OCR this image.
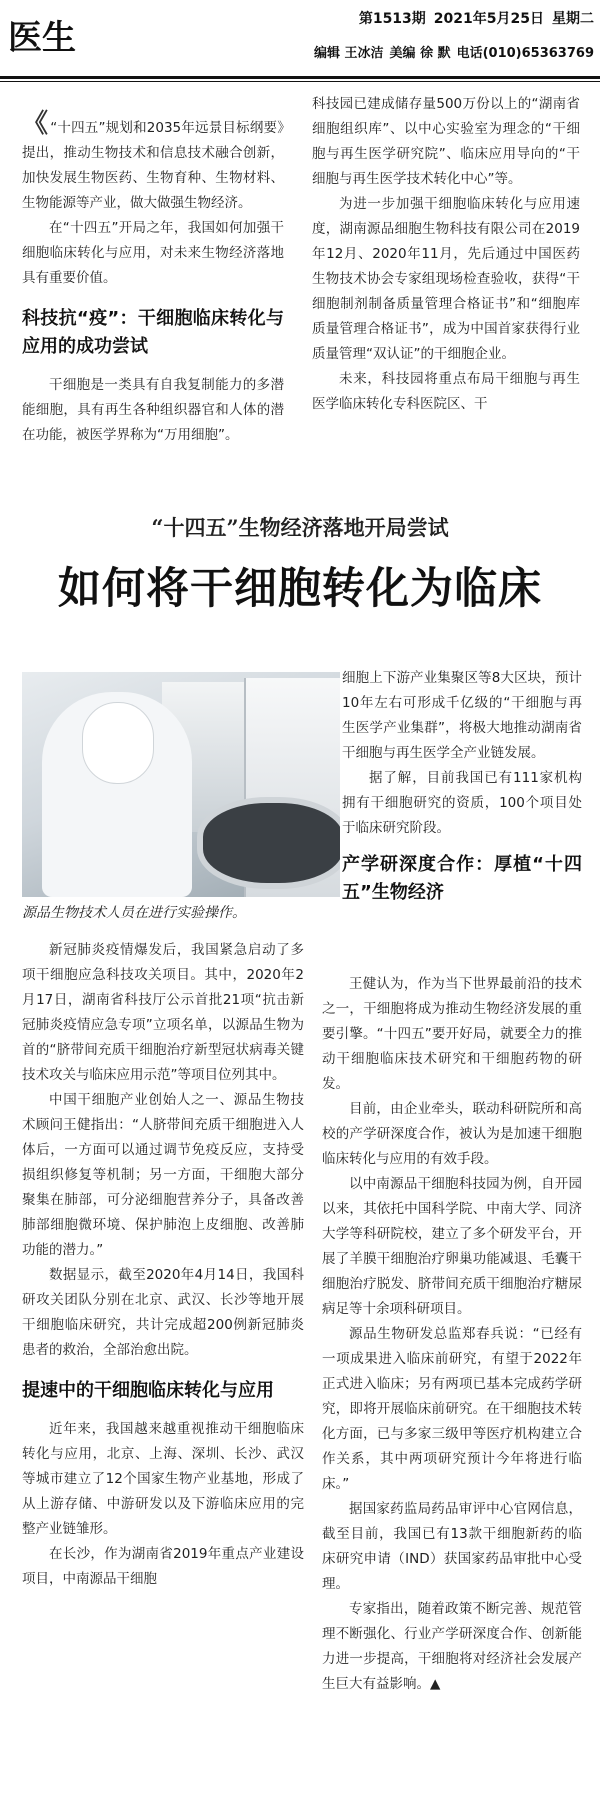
医生	第1513期 2021年5月25日 星期二
编辑 王冰洁 美编 徐 默 电话(010)65363769

《 “十四五”规划和2035年远景目标纲要》提出，推动生物技术和信息技术融合创新，加快发展生物医药、生物育种、生物材料、生物能源等产业，做大做强生物经济。

在“十四五”开局之年，我国如何加强干细胞临床转化与应用，对未来生物经济落地具有重要价值。

科技抗“疫”：干细胞临床转化与应用的成功尝试

干细胞是一类具有自我复制能力的多潜能细胞，具有再生各种组织器官和人体的潜在功能，被医学界称为“万用细胞”。

科技园已建成储存量500万份以上的“湖南省细胞组织库”、以中心实验室为理念的“干细胞与再生医学研究院”、临床应用导向的“干细胞与再生医学技术转化中心”等。

为进一步加强干细胞临床转化与应用速度，湖南源品细胞生物科技有限公司在2019年12月、2020年11月，先后通过中国医药生物技术协会专家组现场检查验收，获得“干细胞制剂制备质量管理合格证书”和“细胞库质量管理合格证书”，成为中国首家获得行业质量管理“双认证”的干细胞企业。

未来，科技园将重点布局干细胞与再生医学临床转化专科医院区、干

“十四五”生物经济落地开局尝试
如何将干细胞转化为临床
源品生物技术人员在进行实验操作。

细胞上下游产业集聚区等8大区块，预计10年左右可形成千亿级的“干细胞与再生医学产业集群”，将极大地推动湖南省干细胞与再生医学全产业链发展。

据了解，目前我国已有111家机构拥有干细胞研究的资质，100个项目处于临床研究阶段。

产学研深度合作：厚植“十四五”生物经济

新冠肺炎疫情爆发后，我国紧急启动了多项干细胞应急科技攻关项目。其中，2020年2月17日，湖南省科技厅公示首批21项“抗击新冠肺炎疫情应急专项”立项名单，以源品生物为首的“脐带间充质干细胞治疗新型冠状病毒关键技术攻关与临床应用示范”等项目位列其中。

中国干细胞产业创始人之一、源品生物技术顾问王健指出：“人脐带间充质干细胞进入人体后，一方面可以通过调节免疫反应，支持受损组织修复等机制；另一方面，干细胞大部分聚集在肺部，可分泌细胞营养分子，具备改善肺部细胞微环境、保护肺泡上皮细胞、改善肺功能的潜力。”

数据显示，截至2020年4月14日，我国科研攻关团队分别在北京、武汉、长沙等地开展干细胞临床研究，共计完成超200例新冠肺炎患者的救治，全部治愈出院。

提速中的干细胞临床转化与应用

近年来，我国越来越重视推动干细胞临床转化与应用，北京、上海、深圳、长沙、武汉等城市建立了12个国家生物产业基地，形成了从上游存储、中游研发以及下游临床应用的完整产业链雏形。

在长沙，作为湖南省2019年重点产业建设项目，中南源品干细胞

王健认为，作为当下世界最前沿的技术之一，干细胞将成为推动生物经济发展的重要引擎。“十四五”要开好局，就要全力的推动干细胞临床技术研究和干细胞药物的研发。

目前，由企业牵头，联动科研院所和高校的产学研深度合作，被认为是加速干细胞临床转化与应用的有效手段。

以中南源品干细胞科技园为例，自开园以来，其依托中国科学院、中南大学、同济大学等科研院校，建立了多个研发平台，开展了羊膜干细胞治疗卵巢功能减退、毛囊干细胞治疗脱发、脐带间充质干细胞治疗糖尿病足等十余项科研项目。

源品生物研发总监郑春兵说：“已经有一项成果进入临床前研究，有望于2022年正式进入临床；另有两项已基本完成药学研究，即将开展临床前研究。在干细胞技术转化方面，已与多家三级甲等医疗机构建立合作关系，其中两项研究预计今年将进行临床。”

据国家药监局药品审评中心官网信息，截至目前，我国已有13款干细胞新药的临床研究申请（IND）获国家药品审批中心受理。

专家指出，随着政策不断完善、规范管理不断强化、行业产学研深度合作、创新能力进一步提高，干细胞将对经济社会发展产生巨大有益影响。▲
